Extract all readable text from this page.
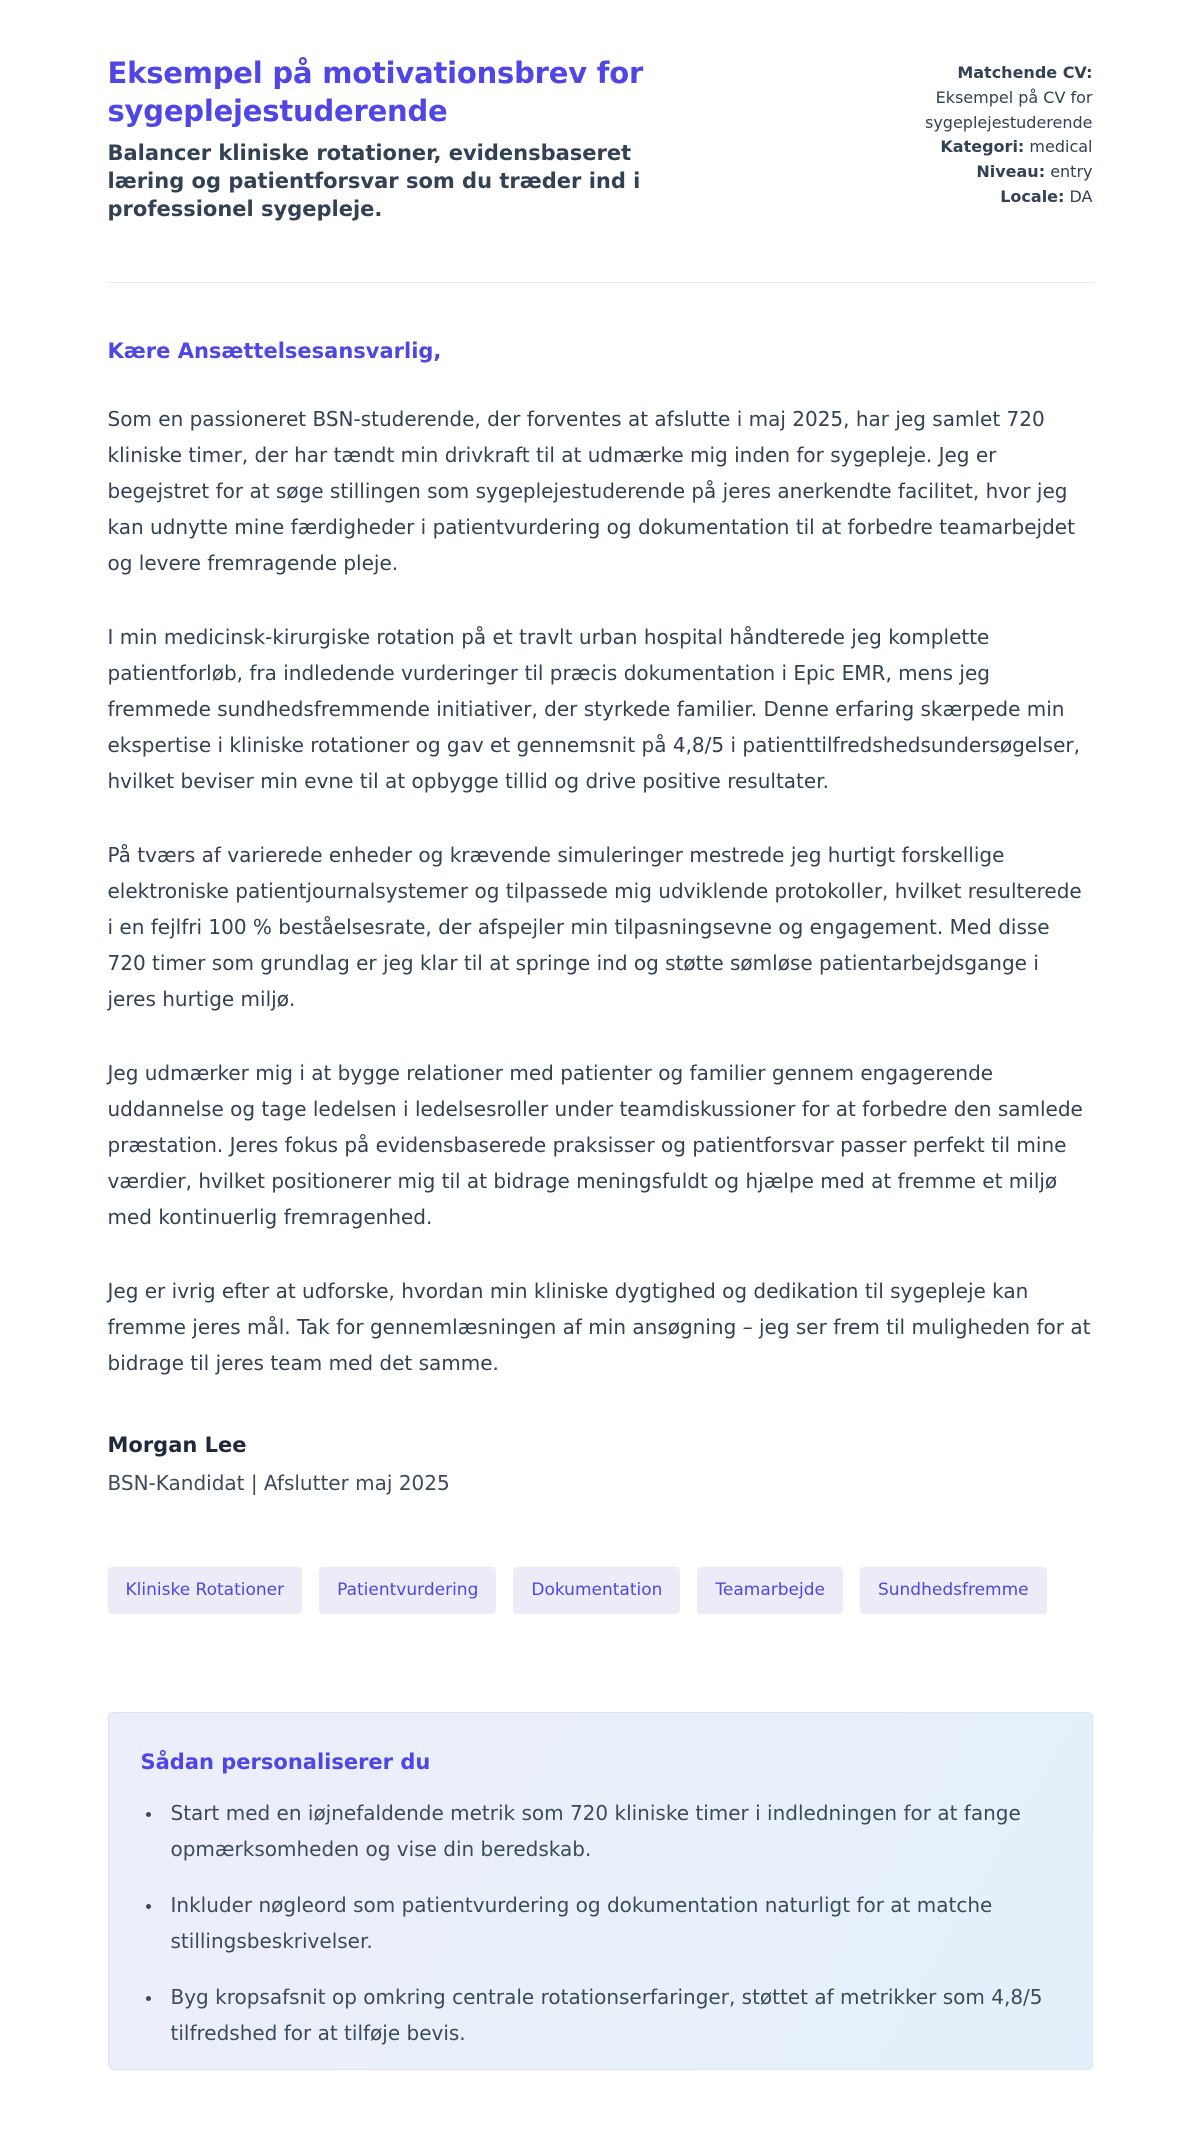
Eksempel på motivationsbrev for sygeplejestuderende

Balancer kliniske rotationer, evidensbaseret læring og patientforsvar som du træder ind i professionel sygepleje.

Matchende CV:
Eksempel på CV for sygeplejestuderende

Kategori: medical

Niveau: entry

Locale: DA

Kære Ansættelsesansvarlig,

Som en passioneret BSN-studerende, der forventes at afslutte i maj 2025, har jeg samlet 720 kliniske timer, der har tændt min drivkraft til at udmærke mig inden for sygepleje. Jeg er begejstret for at søge stillingen som sygeplejestuderende på jeres anerkendte facilitet, hvor jeg kan udnytte mine færdigheder i patientvurdering og dokumentation til at forbedre teamarbejdet og levere fremragende pleje.

I min medicinsk-kirurgiske rotation på et travlt urban hospital håndterede jeg komplette patientforløb, fra indledende vurderinger til præcis dokumentation i Epic EMR, mens jeg fremmede sundhedsfremmende initiativer, der styrkede familier. Denne erfaring skærpede min ekspertise i kliniske rotationer og gav et gennemsnit på 4,8/5 i patienttilfredshedsundersøgelser, hvilket beviser min evne til at opbygge tillid og drive positive resultater.

På tværs af varierede enheder og krævende simuleringer mestrede jeg hurtigt forskellige elektroniske patientjournalsystemer og tilpassede mig udviklende protokoller, hvilket resulterede i en fejlfri 100 % beståelsesrate, der afspejler min tilpasningsevne og engagement. Med disse 720 timer som grundlag er jeg klar til at springe ind og støtte sømløse patientarbejdsgange i jeres hurtige miljø.

Jeg udmærker mig i at bygge relationer med patienter og familier gennem engagerende uddannelse og tage ledelsen i ledelsesroller under teamdiskussioner for at forbedre den samlede præstation. Jeres fokus på evidensbaserede praksisser og patientforsvar passer perfekt til mine værdier, hvilket positionerer mig til at bidrage meningsfuldt og hjælpe med at fremme et miljø med kontinuerlig fremragenhed.

Jeg er ivrig efter at udforske, hvordan min kliniske dygtighed og dedikation til sygepleje kan fremme jeres mål. Tak for gennemlæsningen af min ansøgning – jeg ser frem til muligheden for at bidrage til jeres team med det samme.

Morgan Lee

BSN-Kandidat | Afslutter maj 2025

Kliniske Rotationer	Patientvurdering	Dokumentation	Teamarbejde	Sundhedsfremme
Sådan personaliserer du
• Start med en iøjnefaldende metrik som 720 kliniske timer i indledningen for at fange opmærksomheden og vise din beredskab.
• Inkluder nøgleord som patientvurdering og dokumentation naturligt for at matche stillingsbeskrivelser.
• Byg kropsafsnit op omkring centrale rotationserfaringer, støttet af metrikker som 4,8/5 tilfredshed for at tilføje bevis.
